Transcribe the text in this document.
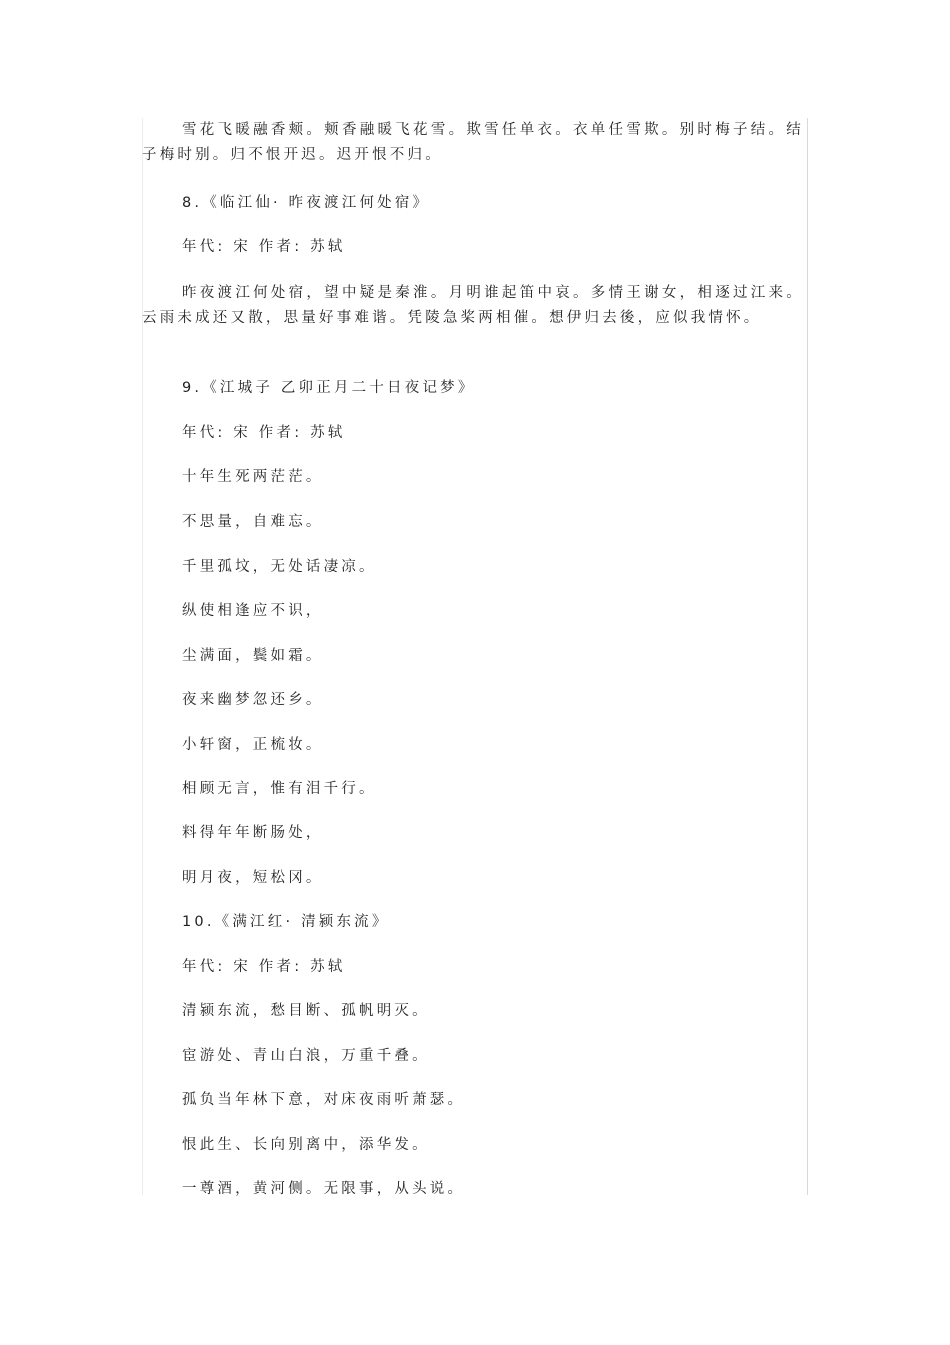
雪花飞暖融香颊。颊香融暖飞花雪。欺雪任单衣。衣单任雪欺。别时梅子结。结子梅时别。归不恨开迟。迟开恨不归。
8.《临江仙· 昨夜渡江何处宿》
年代: 宋 作者: 苏轼
昨夜渡江何处宿，望中疑是秦淮。月明谁起笛中哀。多情王谢女，相逐过江来。云雨未成还又散，思量好事难谐。凭陵急桨两相催。想伊归去後，应似我情怀。
9.《江城子 乙卯正月二十日夜记梦》
年代: 宋 作者: 苏轼
十年生死两茫茫。
不思量，自难忘。
千里孤坟，无处话凄凉。
纵使相逢应不识，
尘满面，鬓如霜。
夜来幽梦忽还乡。
小轩窗，正梳妆。
相顾无言，惟有泪千行。
料得年年断肠处，
明月夜，短松冈。
10.《满江红· 清颍东流》
年代: 宋 作者: 苏轼
清颍东流，愁目断、孤帆明灭。
宦游处、青山白浪，万重千叠。
孤负当年林下意，对床夜雨听萧瑟。
恨此生、长向别离中，添华发。
一尊酒，黄河侧。无限事，从头说。
